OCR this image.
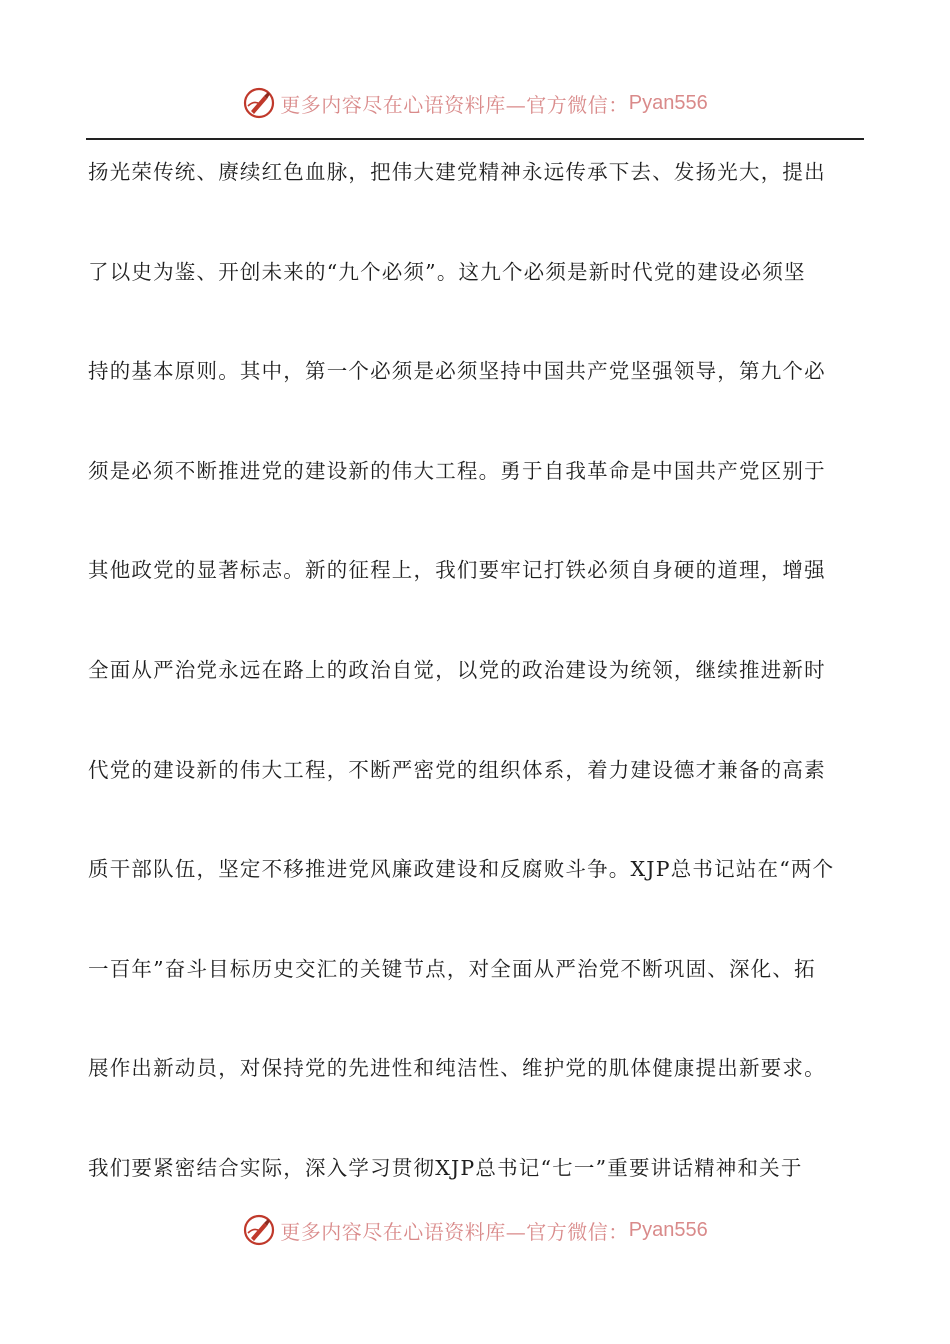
更多内容尽在心语资料库—官方微信： Pyan556
扬光荣传统、赓续红色血脉，把伟大建党精神永远传承下去、发扬光大，提出
了以史为鉴、开创未来的“九个必须”。这九个必须是新时代党的建设必须坚
持的基本原则。其中，第一个必须是必须坚持中国共产党坚强领导，第九个必
须是必须不断推进党的建设新的伟大工程。勇于自我革命是中国共产党区别于
其他政党的显著标志。新的征程上，我们要牢记打铁必须自身硬的道理，增强
全面从严治党永远在路上的政治自觉，以党的政治建设为统领，继续推进新时
代党的建设新的伟大工程，不断严密党的组织体系，着力建设德才兼备的高素
质干部队伍，坚定不移推进党风廉政建设和反腐败斗争。XJP总书记站在“两个
一百年”奋斗目标历史交汇的关键节点，对全面从严治党不断巩固、深化、拓
展作出新动员，对保持党的先进性和纯洁性、维护党的肌体健康提出新要求。
我们要紧密结合实际，深入学习贯彻XJP总书记“七一”重要讲话精神和关于
更多内容尽在心语资料库—官方微信： Pyan556
